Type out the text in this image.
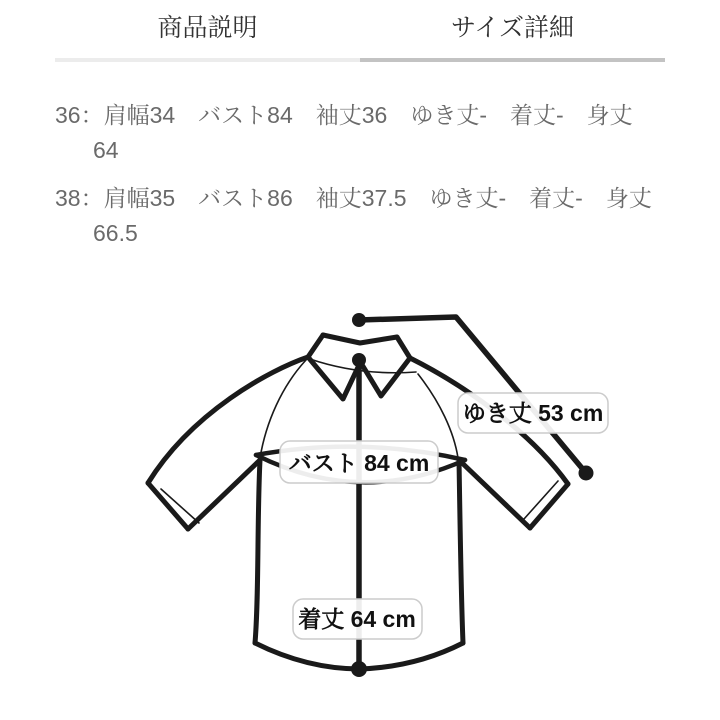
商品説明	サイズ詳細
36：肩幅34　バスト84　袖丈36　ゆき丈-　着丈-　身丈
64
38：肩幅35　バスト86　袖丈37.5　ゆき丈-　着丈-　身丈
66.5
ゆき丈 53 cm
バスト 84 cm
着丈 64 cm
